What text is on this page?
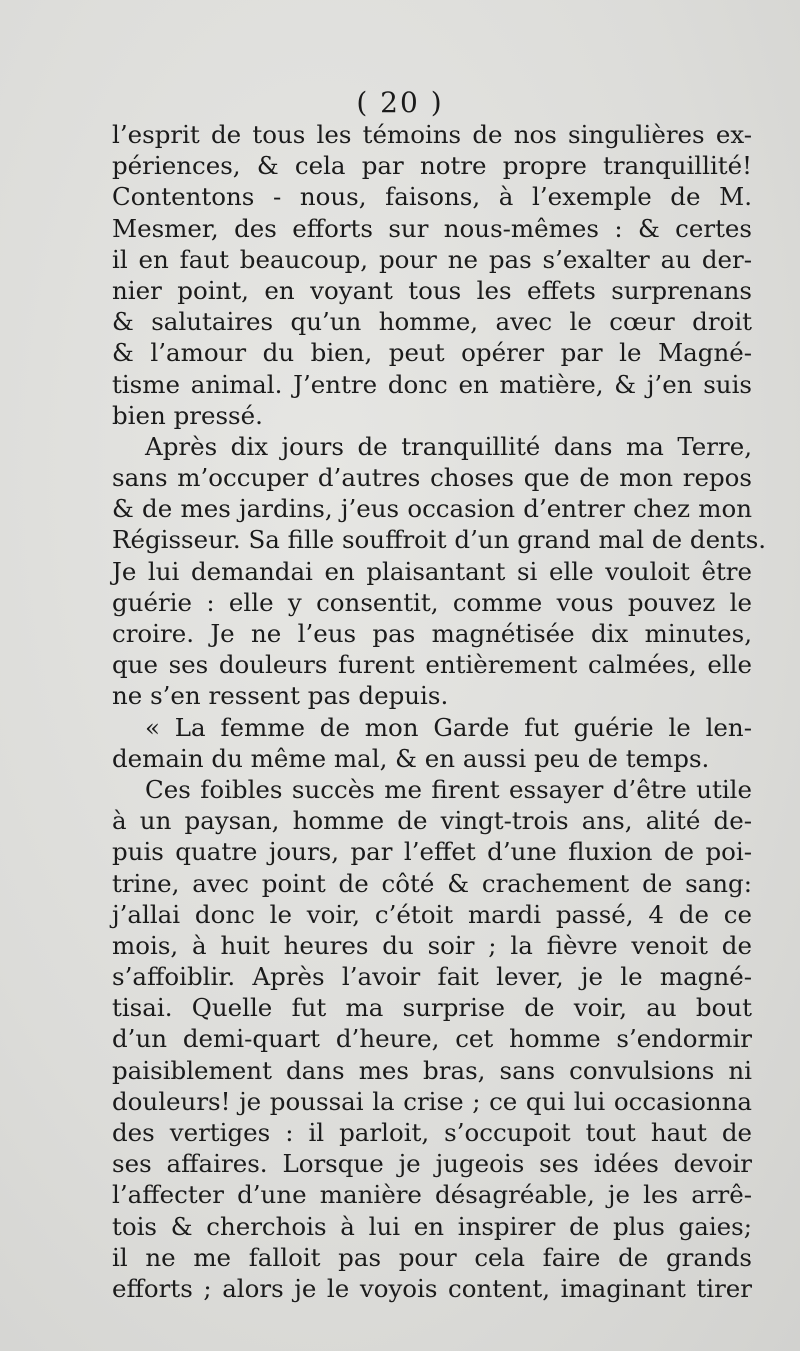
( 20 )
l’esprit de tous les témoins de nos singulières ex-
périences, & cela par notre propre tranquillité!
Contentons - nous, faisons, à l’exemple de M.
Mesmer, des efforts sur nous-mêmes : & certes
il en faut beaucoup, pour ne pas s’exalter au der-
nier point, en voyant tous les effets surprenans
& salutaires qu’un homme, avec le cœur droit
& l’amour du bien, peut opérer par le Magné-
tisme animal. J’entre donc en matière, & j’en suis
bien pressé.
Après dix jours de tranquillité dans ma Terre,
sans m’occuper d’autres choses que de mon repos
& de mes jardins, j’eus occasion d’entrer chez mon
Régisseur. Sa fille souffroit d’un grand mal de dents.
Je lui demandai en plaisantant si elle vouloit être
guérie : elle y consentit, comme vous pouvez le
croire. Je ne l’eus pas magnétisée dix minutes,
que ses douleurs furent entièrement calmées, elle
ne s’en ressent pas depuis.
« La femme de mon Garde fut guérie le len-
demain du même mal, & en aussi peu de temps.
Ces foibles succès me firent essayer d’être utile
à un paysan, homme de vingt-trois ans, alité de-
puis quatre jours, par l’effet d’une fluxion de poi-
trine, avec point de côté & crachement de sang:
j’allai donc le voir, c’étoit mardi passé, 4 de ce
mois, à huit heures du soir ; la fièvre venoit de
s’affoiblir. Après l’avoir fait lever, je le magné-
tisai. Quelle fut ma surprise de voir, au bout
d’un demi-quart d’heure, cet homme s’endormir
paisiblement dans mes bras, sans convulsions ni
douleurs! je poussai la crise ; ce qui lui occasionna
des vertiges : il parloit, s’occupoit tout haut de
ses affaires. Lorsque je jugeois ses idées devoir
l’affecter d’une manière désagréable, je les arrê-
tois & cherchois à lui en inspirer de plus gaies;
il ne me falloit pas pour cela faire de grands
efforts ; alors je le voyois content, imaginant tirer
